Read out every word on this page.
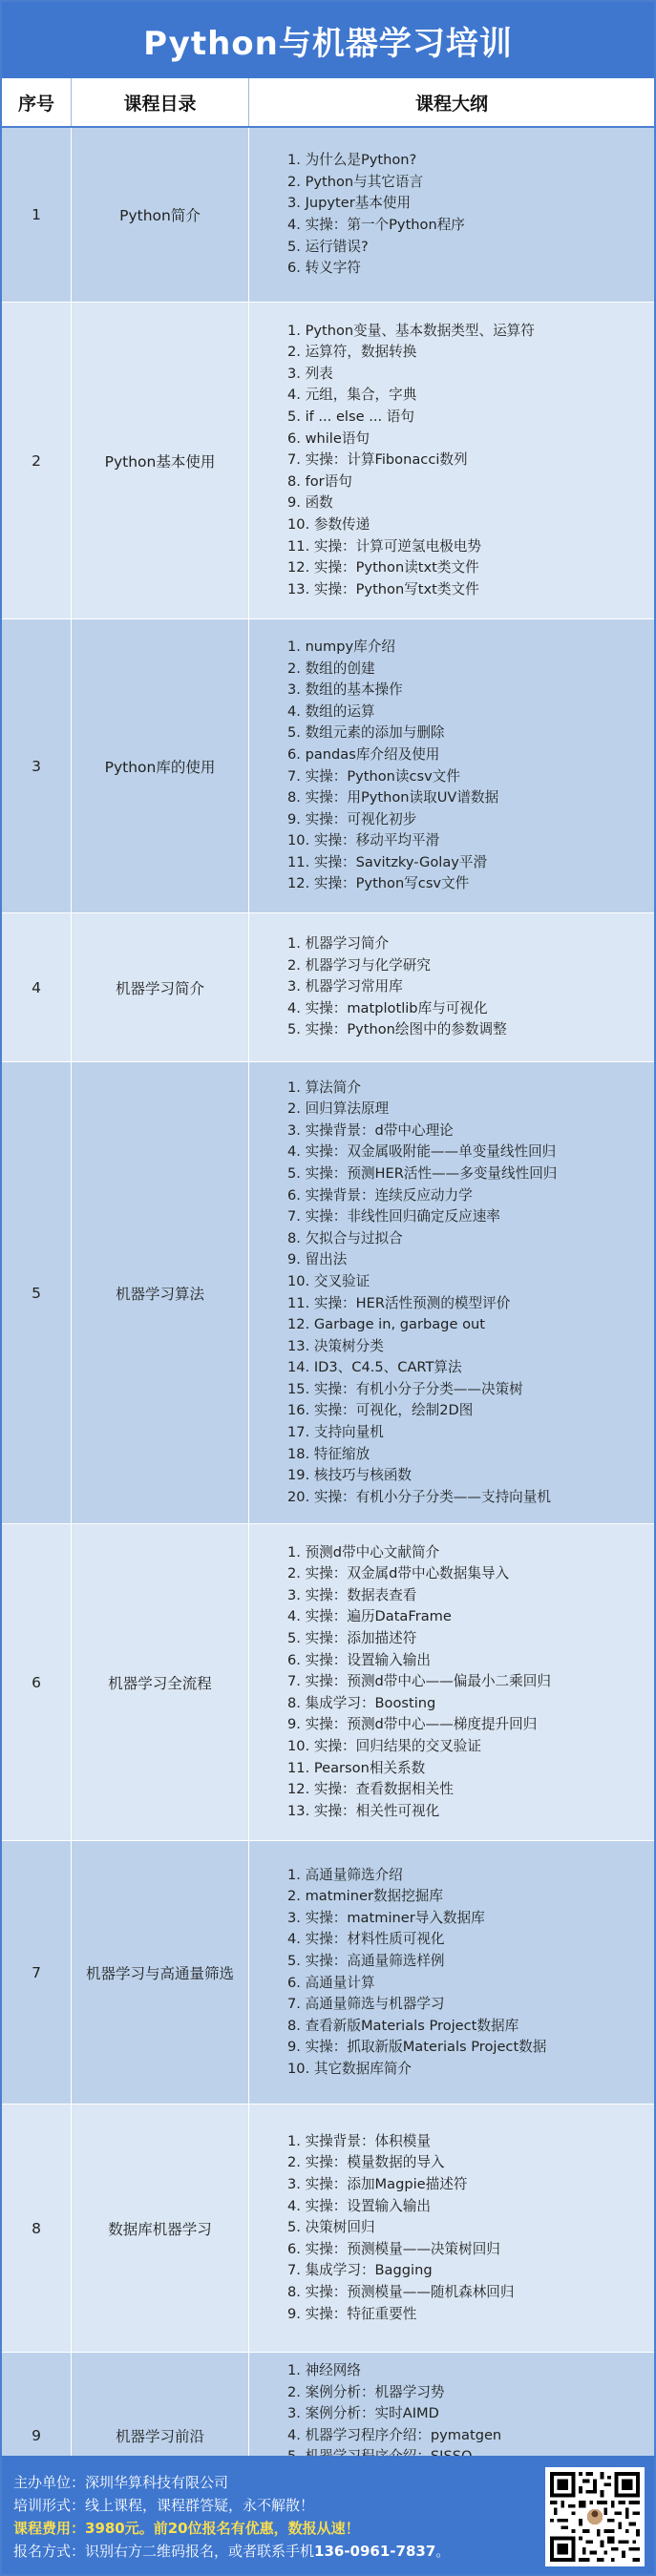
Python与机器学习培训
序号	课程目录	课程大纲
1	Python简介
1. 为什么是Python?
2. Python与其它语言
3. Jupyter基本使用
4. 实操：第一个Python程序
5. 运行错误?
6. 转义字符
2	Python基本使用
1. Python变量、基本数据类型、运算符
2. 运算符，数据转换
3. 列表
4. 元组，集合，字典
5. if ... else ... 语句
6. while语句
7. 实操：计算Fibonacci数列
8. for语句
9. 函数
10. 参数传递
11. 实操：计算可逆氢电极电势
12. 实操：Python读txt类文件
13. 实操：Python写txt类文件
3	Python库的使用
1. numpy库介绍
2. 数组的创建
3. 数组的基本操作
4. 数组的运算
5. 数组元素的添加与删除
6. pandas库介绍及使用
7. 实操：Python读csv文件
8. 实操：用Python读取UV谱数据
9. 实操：可视化初步
10. 实操：移动平均平滑
11. 实操：Savitzky-Golay平滑
12. 实操：Python写csv文件
4	机器学习简介
1. 机器学习简介
2. 机器学习与化学研究
3. 机器学习常用库
4. 实操：matplotlib库与可视化
5. 实操：Python绘图中的参数调整
5	机器学习算法
1. 算法简介
2. 回归算法原理
3. 实操背景：d带中心理论
4. 实操：双金属吸附能——单变量线性回归
5. 实操：预测HER活性——多变量线性回归
6. 实操背景：连续反应动力学
7. 实操：非线性回归确定反应速率
8. 欠拟合与过拟合
9. 留出法
10. 交叉验证
11. 实操：HER活性预测的模型评价
12. Garbage in, garbage out
13. 决策树分类
14. ID3、C4.5、CART算法
15. 实操：有机小分子分类——决策树
16. 实操：可视化，绘制2D图
17. 支持向量机
18. 特征缩放
19. 核技巧与核函数
20. 实操：有机小分子分类——支持向量机
6	机器学习全流程
1. 预测d带中心文献简介
2. 实操：双金属d带中心数据集导入
3. 实操：数据表查看
4. 实操：遍历DataFrame
5. 实操：添加描述符
6. 实操：设置输入输出
7. 实操：预测d带中心——偏最小二乘回归
8. 集成学习：Boosting
9. 实操：预测d带中心——梯度提升回归
10. 实操：回归结果的交叉验证
11. Pearson相关系数
12. 实操：查看数据相关性
13. 实操：相关性可视化
7	机器学习与高通量筛选
1. 高通量筛选介绍
2. matminer数据挖掘库
3. 实操：matminer导入数据库
4. 实操：材料性质可视化
5. 实操：高通量筛选样例
6. 高通量计算
7. 高通量筛选与机器学习
8. 查看新版Materials Project数据库
9. 实操：抓取新版Materials Project数据
10. 其它数据库简介
8	数据库机器学习
1. 实操背景：体积模量
2. 实操：模量数据的导入
3. 实操：添加Magpie描述符
4. 实操：设置输入输出
5. 决策树回归
6. 实操：预测模量——决策树回归
7. 集成学习：Bagging
8. 实操：预测模量——随机森林回归
9. 实操：特征重要性
9	机器学习前沿
1. 神经网络
2. 案例分析：机器学习势
3. 案例分析：实时AIMD
4. 机器学习程序介绍：pymatgen
主办单位：深圳华算科技有限公司
培训形式：线上课程，课程群答疑，永不解散！
课程费用：3980元。前20位报名有优惠，数报从速！
报名方式：识别右方二维码报名，或者联系手机136-0961-7837。
